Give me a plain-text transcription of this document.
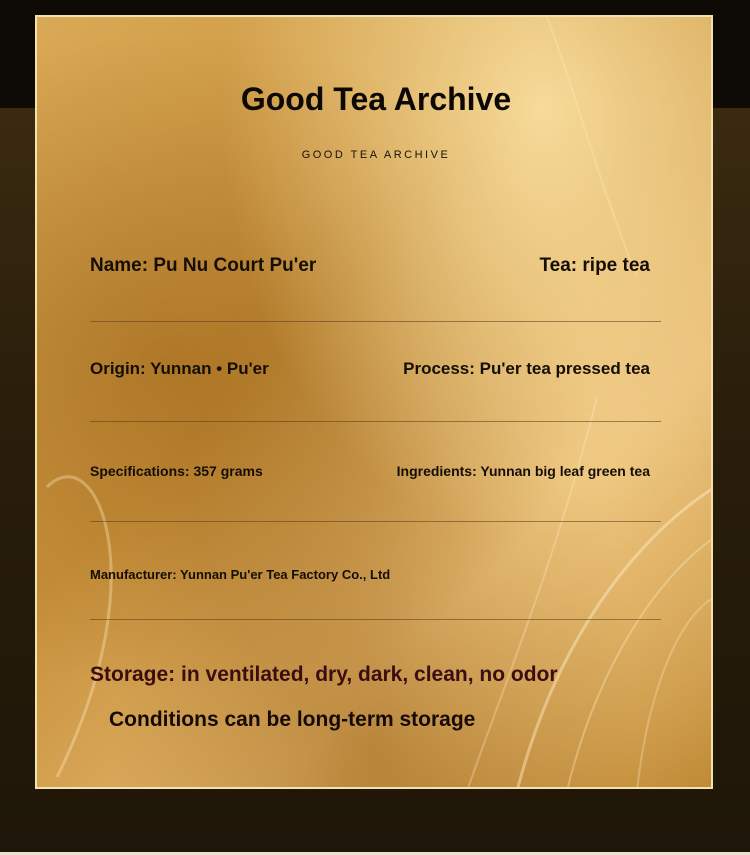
Good Tea Archive
GOOD TEA ARCHIVE
Name: Pu Nu Court Pu'er	Tea: ripe tea
Origin: Yunnan • Pu'er	Process: Pu'er tea pressed tea
Specifications: 357 grams	Ingredients: Yunnan big leaf green tea
Manufacturer: Yunnan Pu'er Tea Factory Co., Ltd
Storage: in ventilated, dry, dark, clean, no odor
Conditions can be long-term storage
